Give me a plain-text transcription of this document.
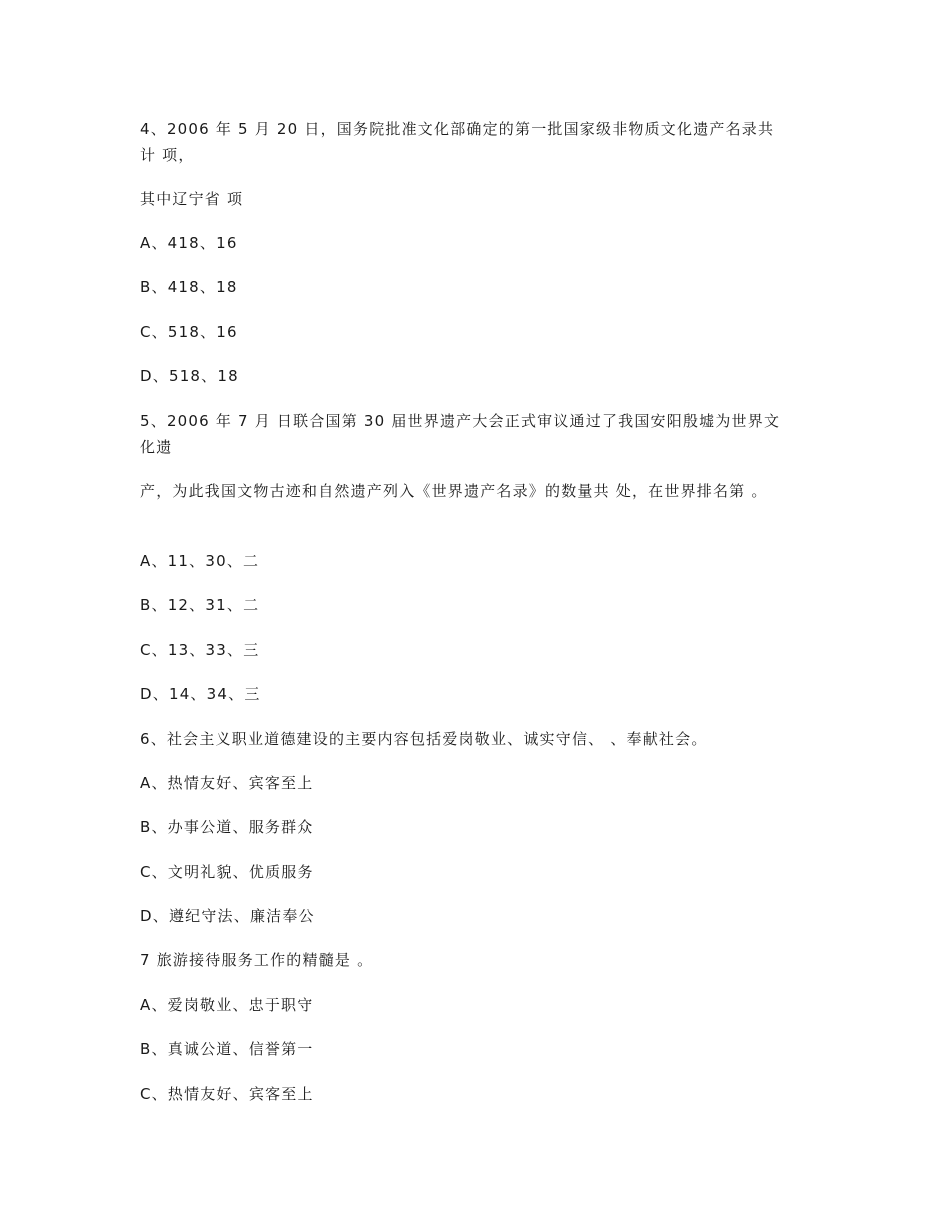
4、2006 年 5 月 20 日，国务院批准文化部确定的第一批国家级非物质文化遗产名录共
计 项，
其中辽宁省 项
A、418、16
B、418、18
C、518、16
D、518、18
5、2006 年 7 月 日联合国第 30 届世界遗产大会正式审议通过了我国安阳殷墟为世界文
化遗
产，为此我国文物古迹和自然遗产列入《世界遗产名录》的数量共 处，在世界排名第 。
A、11、30、二
B、12、31、二
C、13、33、三
D、14、34、三
6、社会主义职业道德建设的主要内容包括爱岗敬业、诚实守信、 、奉献社会。
A、热情友好、宾客至上
B、办事公道、服务群众
C、文明礼貌、优质服务
D、遵纪守法、廉洁奉公
7 旅游接待服务工作的精髓是 。
A、爱岗敬业、忠于职守
B、真诚公道、信誉第一
C、热情友好、宾客至上
